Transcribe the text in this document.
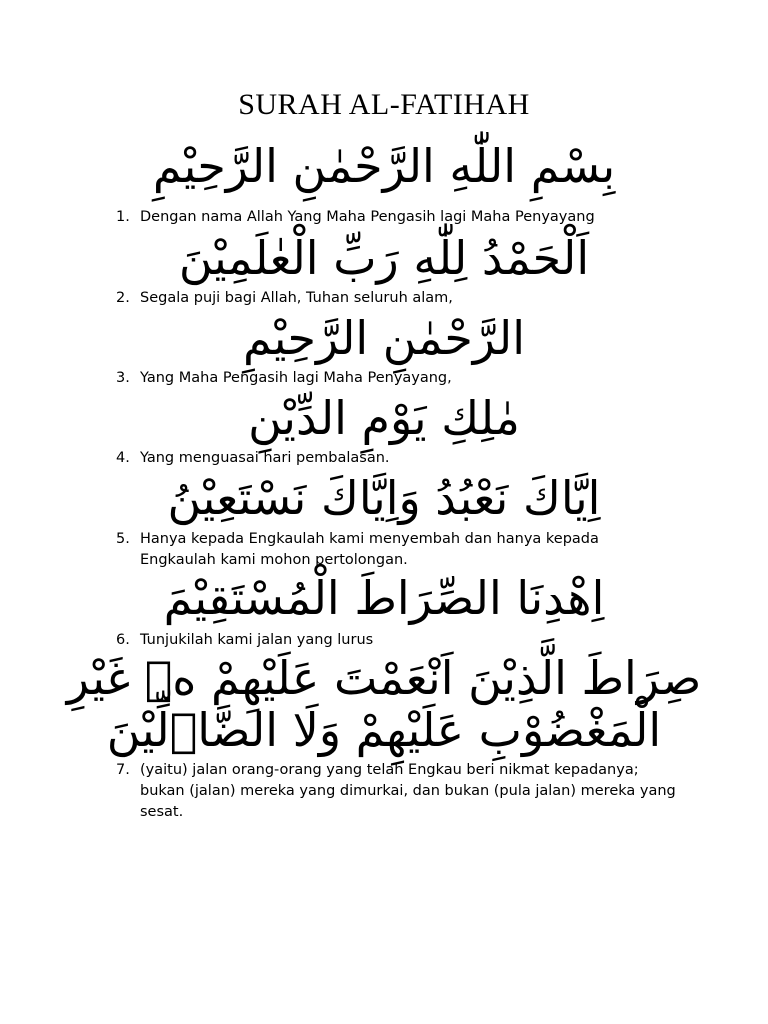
SURAH AL-FATIHAH
بِسْمِ اللّٰهِ الرَّحْمٰنِ الرَّحِيْمِ
1. Dengan nama Allah Yang Maha Pengasih lagi Maha Penyayang
اَلْحَمْدُ لِلّٰهِ رَبِّ الْعٰلَمِيْنَ
2. Segala puji bagi Allah, Tuhan seluruh alam,
الرَّحْمٰنِ الرَّحِيْمِ
3. Yang Maha Pengasih lagi Maha Penyayang,
مٰلِكِ يَوْمِ الدِّيْنِ
4. Yang menguasai hari pembalasan.
اِيَّاكَ نَعْبُدُ وَاِيَّاكَ نَسْتَعِيْنُ
5. Hanya kepada Engkaulah kami menyembah dan hanya kepada Engkaulah kami mohon pertolongan.
اِهْدِنَا الصِّرَاطَ الْمُسْتَقِيْمَ
6. Tunjukilah kami jalan yang lurus
صِرَاطَ الَّذِيْنَ اَنْعَمْتَ عَلَيْهِمْ ەۙ غَيْرِ
الْمَغْضُوْبِ عَلَيْهِمْ وَلَا الضَّاۤلِّيْنَ
7. (yaitu) jalan orang-orang yang telah Engkau beri nikmat kepadanya; bukan (jalan) mereka yang dimurkai, dan bukan (pula jalan) mereka yang sesat.
